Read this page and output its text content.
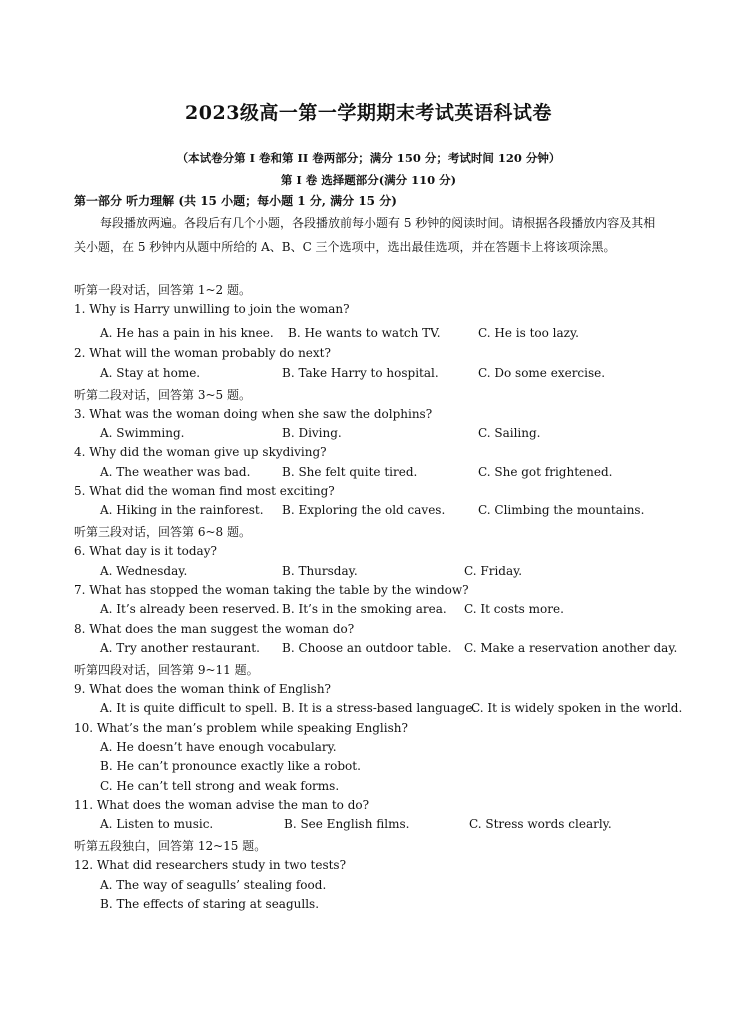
2023级高一第一学期期末考试英语科试卷
（本试卷分第 I 卷和第 II 卷两部分；满分 150 分；考试时间 120 分钟）
第 I 卷 选择题部分(满分 110 分)
第一部分 听力理解 (共 15 小题；每小题 1 分, 满分 15 分)
每段播放两遍。各段后有几个小题，各段播放前每小题有 5 秒钟的阅读时间。请根据各段播放内容及其相关小题，在 5 秒钟内从题中所给的 A、B、C 三个选项中，选出最佳选项，并在答题卡上将该项涂黑。
听第一段对话，回答第 1~2 题。
1. Why is Harry unwilling to join the woman?
A. He has a pain in his knee. B. He wants to watch TV.	C. He is too lazy.
2. What will the woman probably do next?
A. Stay at home.	B. Take Harry to hospital.	C. Do some exercise.
听第二段对话，回答第 3~5 题。
3. What was the woman doing when she saw the dolphins?
A. Swimming.	B. Diving.	C. Sailing.
4. Why did the woman give up skydiving?
A. The weather was bad.	B. She felt quite tired.	C. She got frightened.
5. What did the woman find most exciting?
A. Hiking in the rainforest. B. Exploring the old caves.	C. Climbing the mountains.
听第三段对话，回答第 6~8 题。
6. What day is it today?
A. Wednesday.	B. Thursday.	C. Friday.
7. What has stopped the woman taking the table by the window?
A. It’s already been reserved. B. It’s in the smoking area. C. It costs more.
8. What does the man suggest the woman do?
A. Try another restaurant. B. Choose an outdoor table. C. Make a reservation another day.
听第四段对话，回答第 9~11 题。
9. What does the woman think of English?
A. It is quite difficult to spell. B. It is a stress-based language.
C. It is widely spoken in the world.
10. What’s the man’s problem while speaking English?
A. He doesn’t have enough vocabulary.
B. He can’t pronounce exactly like a robot.
C. He can’t tell strong and weak forms.
11. What does the woman advise the man to do?
A. Listen to music.	B. See English films.	C. Stress words clearly.
听第五段独白，回答第 12~15 题。
12. What did researchers study in two tests?
A. The way of seagulls’ stealing food.
B. The effects of staring at seagulls.
